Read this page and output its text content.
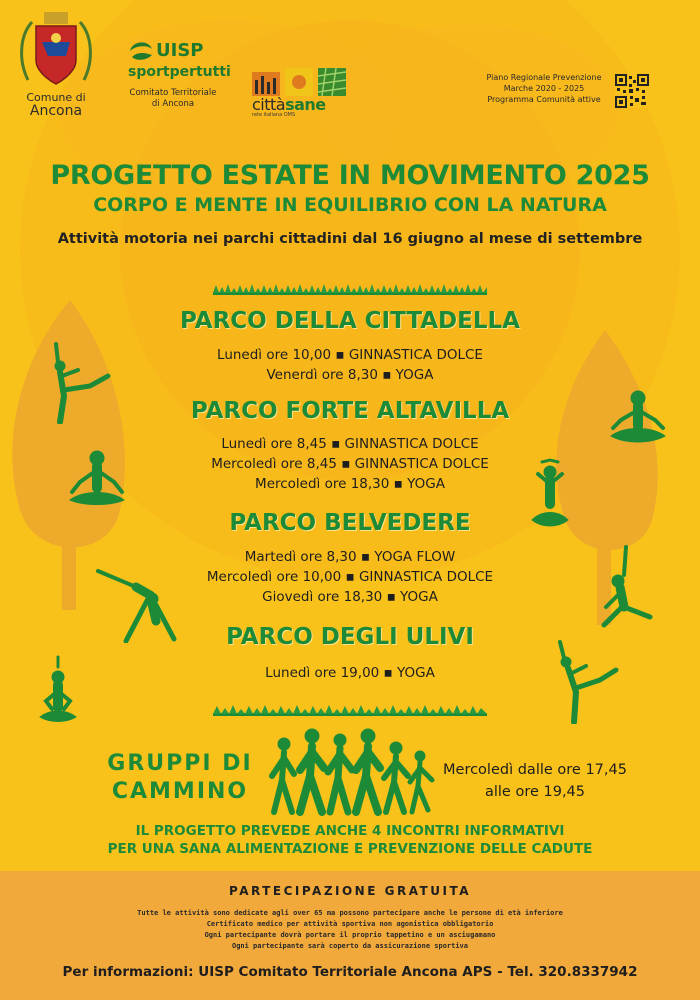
Comune di
Ancona
UISP
sportpertutti
Comitato Territoriale
di Ancona	cittàsane
rete italiana OMS
Piano Regionale Prevenzione
Marche 2020 - 2025
Programma Comunità attive
PROGETTO ESTATE IN MOVIMENTO 2025
CORPO E MENTE IN EQUILIBRIO CON LA NATURA
Attività motoria nei parchi cittadini dal 16 giugno al mese di settembre
PARCO DELLA CITTADELLA
Lunedì ore 10,00 ▪ GINNASTICA DOLCE
Venerdì ore 8,30 ▪ YOGA
PARCO FORTE ALTAVILLA
Lunedì ore 8,45 ▪ GINNASTICA DOLCE
Mercoledì ore 8,45 ▪ GINNASTICA DOLCE
Mercoledì ore 18,30 ▪ YOGA
PARCO BELVEDERE
Martedì ore 8,30 ▪ YOGA FLOW
Mercoledì ore 10,00 ▪ GINNASTICA DOLCE
Giovedì ore 18,30 ▪ YOGA
PARCO DEGLI ULIVI
Lunedì ore 19,00 ▪ YOGA
GRUPPI DI
CAMMINO
Mercoledì dalle ore 17,45
alle ore 19,45
IL PROGETTO PREVEDE ANCHE 4 INCONTRI INFORMATIVI
PER UNA SANA ALIMENTAZIONE E PREVENZIONE DELLE CADUTE
PARTECIPAZIONE GRATUITA
Tutte le attività sono dedicate agli over 65 ma possono partecipare anche le persone di età inferiore
Certificato medico per attività sportiva non agonistica obbligatorio
Ogni partecipante dovrà portare il proprio tappetino e un asciugamano
Ogni partecipante sarà coperto da assicurazione sportiva
Per informazioni: UISP Comitato Territoriale Ancona APS - Tel. 320.8337942
